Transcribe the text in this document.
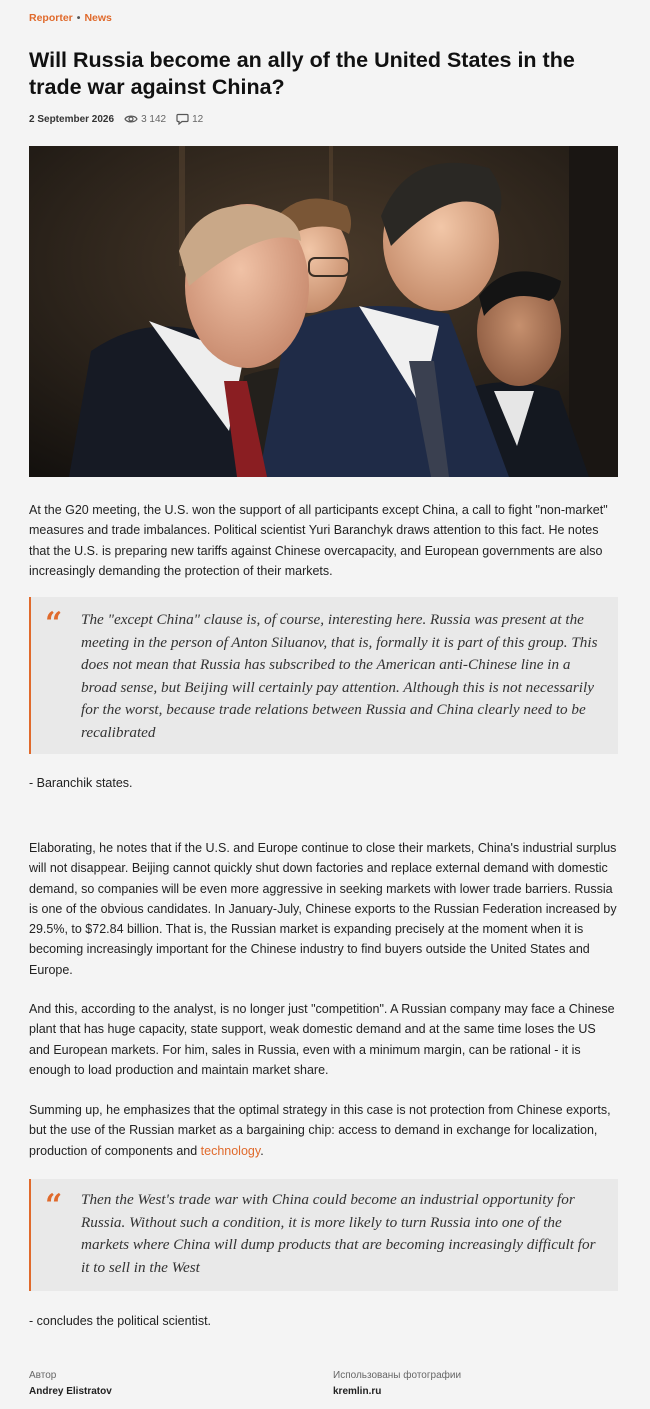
Reporter • News
Will Russia become an ally of the United States in the trade war against China?
2 September 2026	3 142	12

At the G20 meeting, the U.S. won the support of all participants except China, a call to fight "non-market" measures and trade imbalances. Political scientist Yuri Baranchyk draws attention to this fact. He notes that the U.S. is preparing new tariffs against Chinese overcapacity, and European governments are also increasingly demanding the protection of their markets.

“ The "except China" clause is, of course, interesting here. Russia was present at the meeting in the person of Anton Siluanov, that is, formally it is part of this group. This does not mean that Russia has subscribed to the American anti-Chinese line in a broad sense, but Beijing will certainly pay attention. Although this is not necessarily for the worst, because trade relations between Russia and China clearly need to be recalibrated

- Baranchik states.

Elaborating, he notes that if the U.S. and Europe continue to close their markets, China's industrial surplus will not disappear. Beijing cannot quickly shut down factories and replace external demand with domestic demand, so companies will be even more aggressive in seeking markets with lower trade barriers. Russia is one of the obvious candidates. In January-July, Chinese exports to the Russian Federation increased by 29.5%, to $72.84 billion. That is, the Russian market is expanding precisely at the moment when it is becoming increasingly important for the Chinese industry to find buyers outside the United States and Europe.

And this, according to the analyst, is no longer just "competition". A Russian company may face a Chinese plant that has huge capacity, state support, weak domestic demand and at the same time loses the US and European markets. For him, sales in Russia, even with a minimum margin, can be rational - it is enough to load production and maintain market share.

Summing up, he emphasizes that the optimal strategy in this case is not protection from Chinese exports, but the use of the Russian market as a bargaining chip: access to demand in exchange for localization, production of components and technology.

“ Then the West's trade war with China could become an industrial opportunity for Russia. Without such a condition, it is more likely to turn Russia into one of the markets where China will dump products that are becoming increasingly difficult for it to sell in the West

- concludes the political scientist.

Автор
Andrey Elistratov
Использованы фотографии
kremlin.ru
